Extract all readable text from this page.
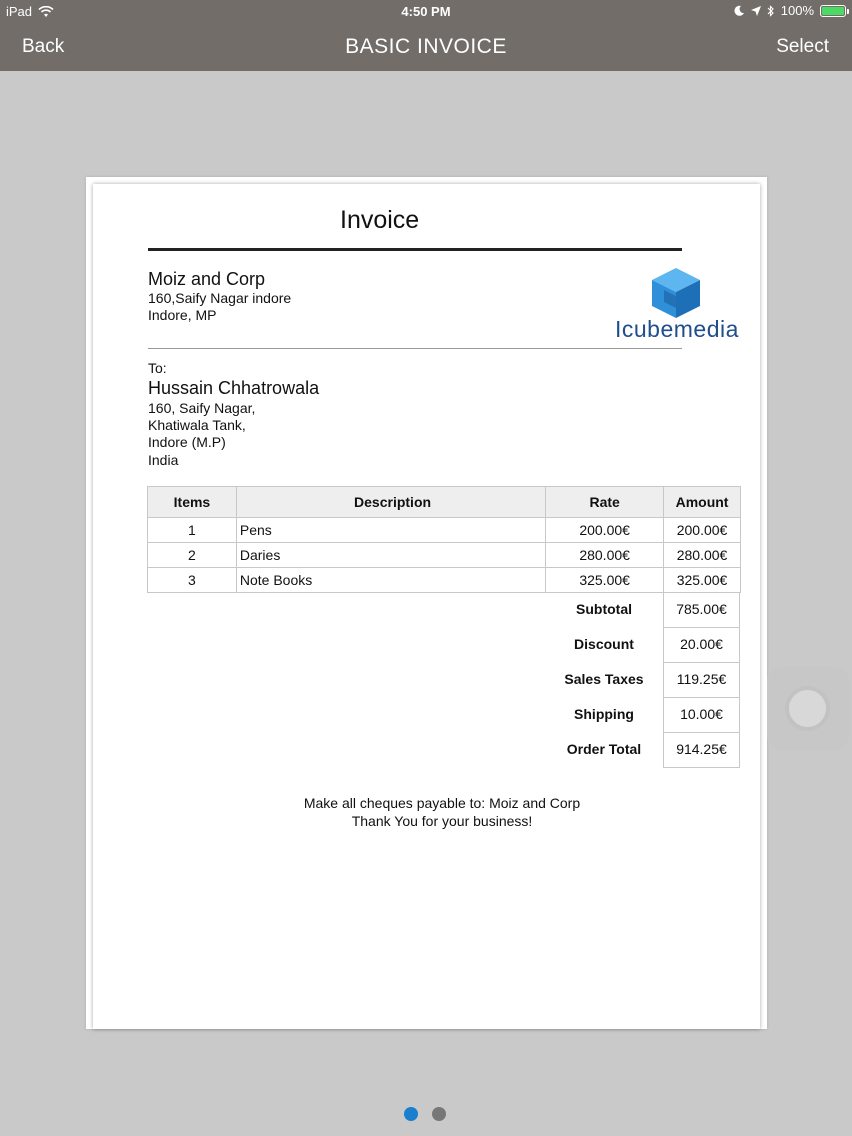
iPad	4:50 PM	100%
Back	BASIC INVOICE	Select
Invoice
Moiz and Corp
160,Saify Nagar indore
Indore, MP
Icubemedia
To:
Hussain Chhatrowala
160, Saify Nagar,
Khatiwala Tank,
Indore (M.P)
India
Items	Description	Rate	Amount
1	Pens	200.00€	200.00€
2	Daries	280.00€	280.00€
3	Note Books	325.00€	325.00€
Subtotal	785.00€
Discount	20.00€
Sales Taxes	119.25€
Shipping	10.00€
Order Total	914.25€
Make all cheques payable to: Moiz and Corp
Thank You for your business!
